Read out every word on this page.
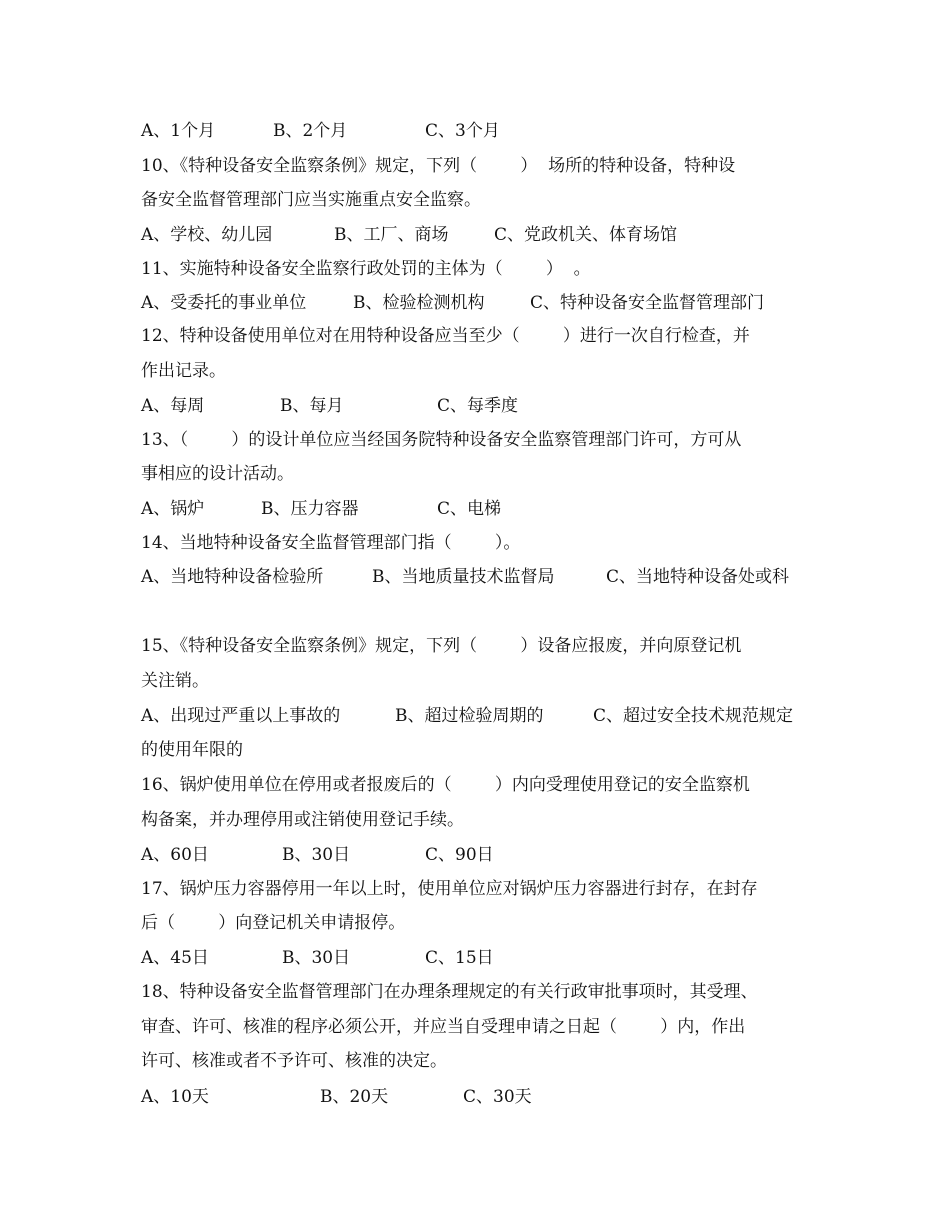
A、1个月	B、2个月	C、3个月
10、《特种设备安全监察条例》规定，下列（        ）  场所的特种设备，特种设
备安全监督管理部门应当实施重点安全监察。
A、学校、幼儿园	B、工厂、商场	C、党政机关、体育场馆
11、实施特种设备安全监察行政处罚的主体为（        ）  。
A、受委托的事业单位	B、检验检测机构	C、特种设备安全监督管理部门
12、特种设备使用单位对在用特种设备应当至少（        ）进行一次自行检查，并
作出记录。
A、每周	B、每月	C、每季度
13、（        ）的设计单位应当经国务院特种设备安全监察管理部门许可，方可从
事相应的设计活动。
A、锅炉	B、压力容器	C、电梯
14、当地特种设备安全监督管理部门指（        ）。
A、当地特种设备检验所	B、当地质量技术监督局	C、当地特种设备处或科
15、《特种设备安全监察条例》规定，下列（        ）设备应报废，并向原登记机
关注销。
A、出现过严重以上事故的	B、超过检验周期的	C、超过安全技术规范规定
的使用年限的
16、锅炉使用单位在停用或者报废后的（        ）内向受理使用登记的安全监察机
构备案，并办理停用或注销使用登记手续。
A、60日	B、30日	C、90日
17、锅炉压力容器停用一年以上时，使用单位应对锅炉压力容器进行封存，在封存
后（        ）向登记机关申请报停。
A、45日	B、30日	C、15日
18、特种设备安全监督管理部门在办理条理规定的有关行政审批事项时，其受理、
审查、许可、核准的程序必须公开，并应当自受理申请之日起（        ）内，作出
许可、核准或者不予许可、核准的决定。
A、10天	B、20天	C、30天
